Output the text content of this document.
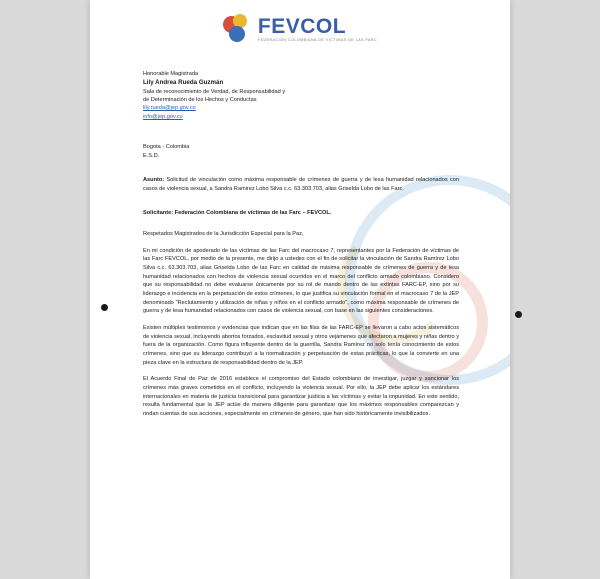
FEVCOL
FEDERACIÓN COLOMBIANA DE VÍCTIMAS DE LAS FARC
Honorable Magistrada
Lily Andrea Rueda Guzmán
Sala de reconocimiento de Verdad, de Responsabilidad y
de Determinación de los Hechos y Conductas
lily.rueda@jep.gov.co
info@jep.gov.co
Bogota - Colombia
E.S.D.
Asunto: Solicitud de vinculación como máxima responsable de crímenes de guerra y de lesa humanidad relacionados con casos de violencia sexual, a Sandra Ramirez Lobo Silva c.c. 63.303.703, alias Griselda Lobo de las Farc.
Solicitante: Federación Colombiana de víctimas de las Farc – FEVCOL.
Respetados Magistrados de la Jurisdicción Especial para la Paz,
En mi condición de apoderado de las víctimas de las Farc del macrocaso 7, representantes por la Federación de víctimas de las Farc FEVCOL, por medio de la presente, me dirijo a ustedes con el fin de solicitar la vinculación de Sandra Ramírez Lobo Silva c.c. 63.303.703, alias Griselda Lobo de las Farc en calidad de máxima responsable de crímenes de guerra y de lesa humanidad relacionados con hechos de violencia sexual ocurridos en el marco del conflicto armado colombiano. Considero que su responsabilidad no debe evaluarse únicamente por su rol de mando dentro de las extintas FARC-EP, sino por su liderazgo e incidencia en la perpetuación de estos crímenes, lo que justifica su vinculación formal en el macrocaso 7 de la JEP denominado "Reclutamiento y utilización de niñas y niños en el conflicto armado", como máxima responsable de crímenes de guerra y de lesa humanidad relacionados con casos de violencia sexual, con base en las siguientes consideraciones.
Existen múltiples testimonios y evidencias que indican que en las filas de las FARC-EP se llevaron a cabo actos sistemáticos de violencia sexual, incluyendo abortos forzados, esclavitud sexual y otros vejámenes que afectaron a mujeres y niñas dentro y fuera de la organización. Como figura influyente dentro de la guerrilla, Sandra Ramírez no solo tenía conocimiento de estos crímenes, sino que su liderazgo contribuyó a la normalización y perpetuación de estas prácticas, lo que la convierte en una pieza clave en la estructura de responsabilidad dentro de la JEP.
El Acuerdo Final de Paz de 2016 establece el compromiso del Estado colombiano de investigar, juzgar y sancionar los crímenes más graves cometidos en el conflicto, incluyendo la violencia sexual. Por ello, la JEP debe aplicar los estándares internacionales en materia de justicia transicional para garantizar justicia a las víctimas y evitar la impunidad. En este sentido, resulta fundamental que la JEP actúe de manera diligente para garantizar que los máximos responsables comparezcan y rindan cuentas de sus acciones, especialmente en crímenes de género, que han sido históricamente invisibilizados.
